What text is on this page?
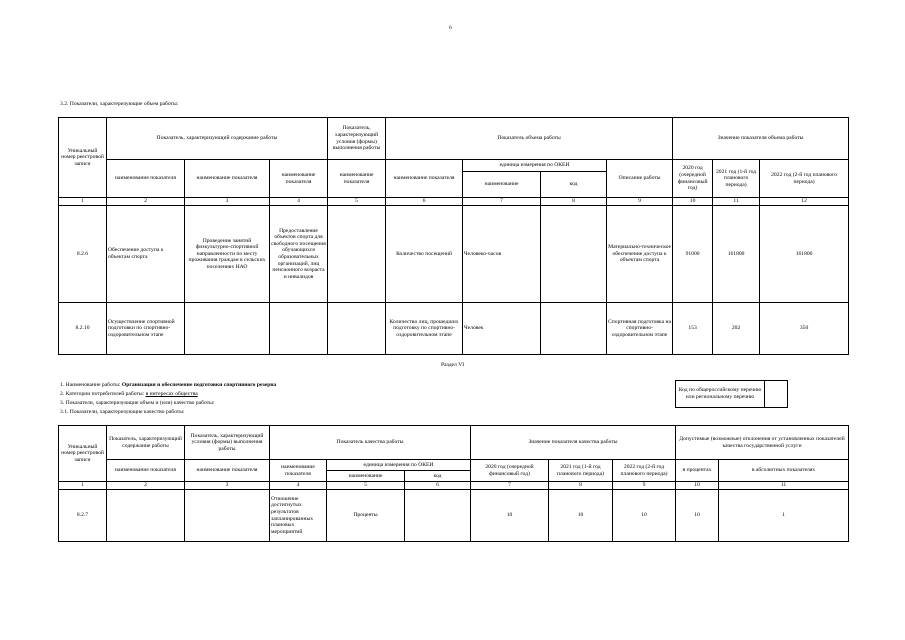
6
3.2. Показатели, характеризующие объем работы:
Уникальный номер реестровой записи	Показатель, характеризующий содержание работы			Показатель, характеризующий условия (формы) выполнения работы	Показатель объема работы				Значение показателя объема работы		
	наименование показателя	наименование показателя	наименование показателя	наименование показателя	наименование показателя	единица измерения по ОКЕИ		Описание работы	2020 год (очередной финансовый год)	2021 год (1-й год планового периода)	2022 год (2-й год планового периода)
						наименование	код				
1	2	3	4	5	6	7	8	9	10	11	12
8.2.6	Обеспечение доступа к объектам спорта	Проведение занятий физкультурно-спортивной направленности по месту проживания граждан в сельских поселениях НАО	Предоставление объектов спорта для свободного посещения обучающихся образовательных организаций, лиц пенсионного возраста и инвалидов		Количество посещений	Человеко-часов		Материально-техническое обеспечение доступа к объектам спорта	91000	161800	161800
8.2.10	Осуществление спортивной подготовки по спортивно-оздоровительном этапе				Количество лиц, прошедших подготовку по спортивно-оздоровительном этапе	Человек		Спортивная подготовка на спортивно-оздоровительном этапе	153	202	350
Раздел VI
1. Наименование работы: Организация и обеспечение подготовки спортивного резерва
2. Категории потребителей работы: в интересах общества
3. Показатели, характеризующие объем и (или) качество работы:
3.1. Показатели, характеризующие качество работы:
Код по общероссийскому перечню или региональному перечню
Уникальный номер реестровой записи	Показатель, характеризующий содержание работы	Показатель, характеризующий условия (формы) выполнения работы	Показатель качества работы			Значение показателя качества работы			Допустимые (возможные) отклонения от установленных показателей качества государственной услуги	
	наименование показателя	наименование показателя	наименование показателя	единица измерения по ОКЕИ		2020 год (очередной финансовый год)	2021 год (1-й год планового периода)	2022 год (2-й год планового периода)	в процентах	в абсолютных показателях
				наименование	код					
1	2	3	4	5	6	7	8	9	10	11
8.2.7			Отношение достигнутых результатов запланированных плановых мероприятий	Проценты		10	10	10	10	1
